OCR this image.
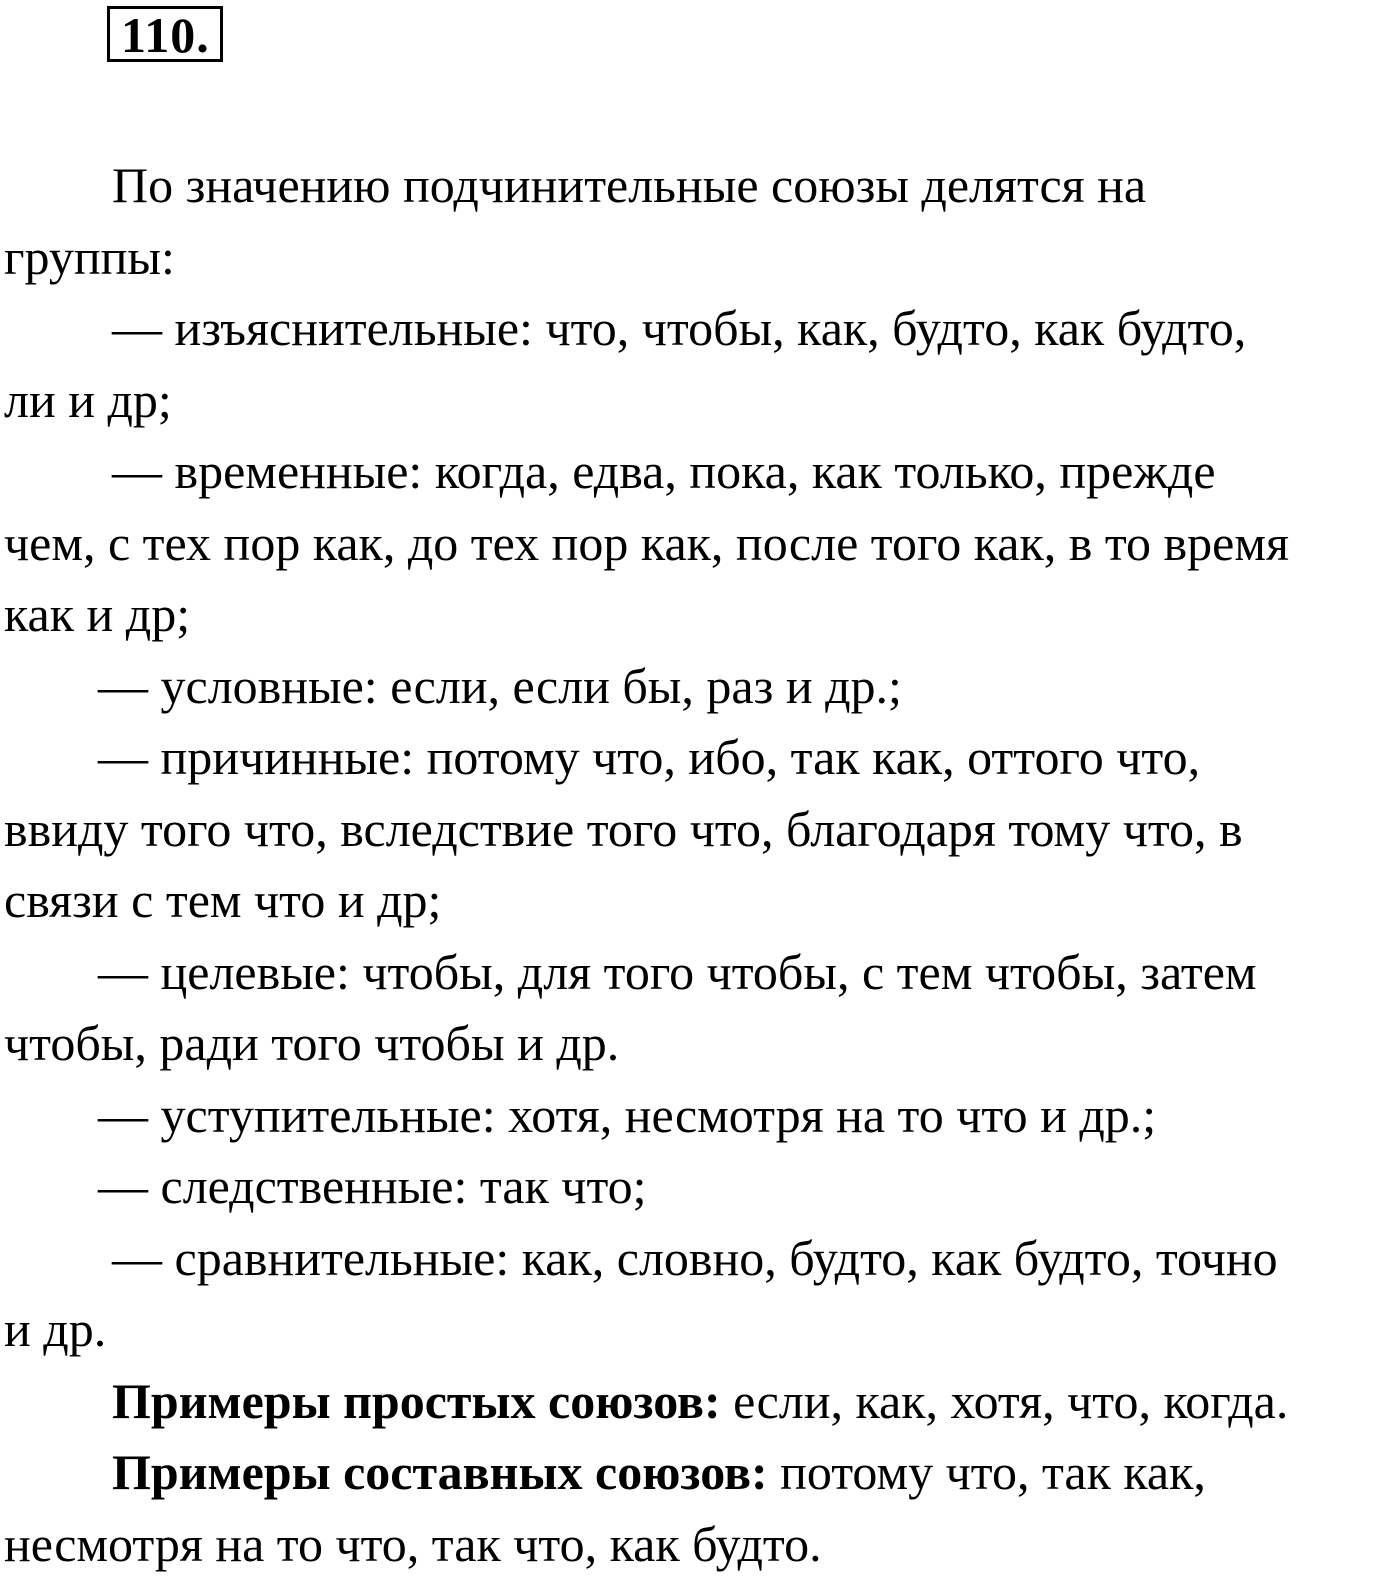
110.
По значению подчинительные союзы делятся на
группы:
— изъяснительные: что, чтобы, как, будто, как будто,
ли и др;
— временные: когда, едва, пока, как только, прежде
чем, с тех пор как, до тех пор как, после того как, в то время
как и др;
— условные: если, если бы, раз и др.;
— причинные: потому что, ибо, так как, оттого что,
ввиду того что, вследствие того что, благодаря тому что, в
связи с тем что и др;
— целевые: чтобы, для того чтобы, с тем чтобы, затем
чтобы, ради того чтобы и др.
— уступительные: хотя, несмотря на то что и др.;
— следственные: так что;
— сравнительные: как, словно, будто, как будто, точно
и др.
Примеры простых союзов: если, как, хотя, что, когда.
Примеры составных союзов: потому что, так как,
несмотря на то что, так что, как будто.
